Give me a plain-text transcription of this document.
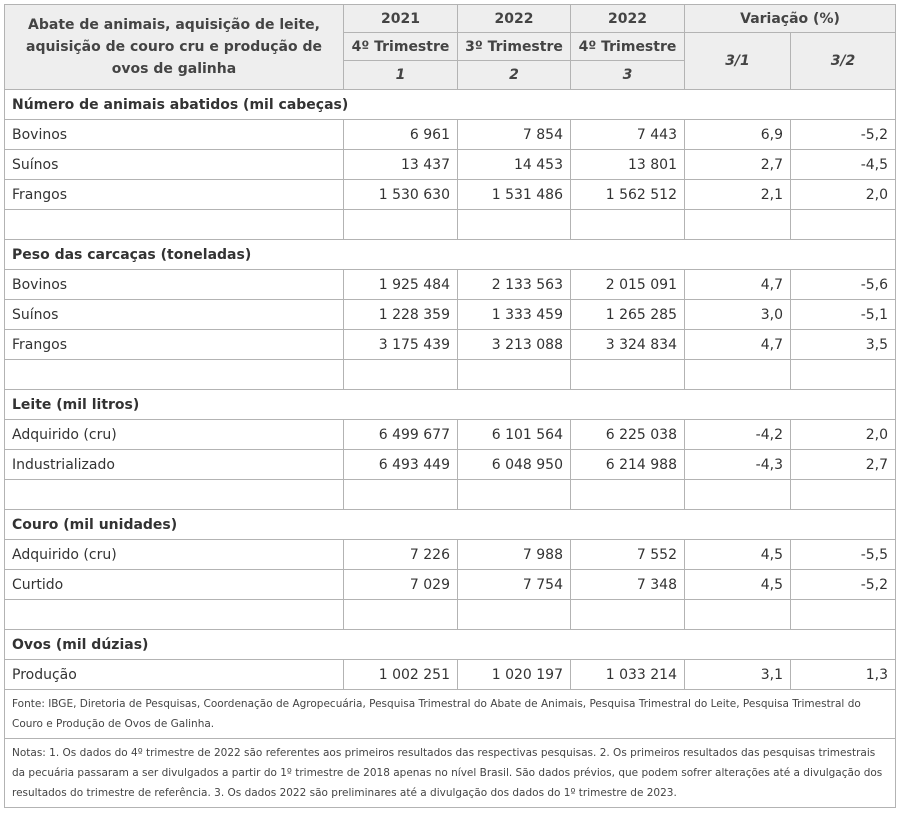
Abate de animais, aquisição de leite, aquisição de couro cru e produção de ovos de galinha	2021	2022	2022	Variação (%)	
	4º Trimestre	3º Trimestre	4º Trimestre	3/1	3/2
	1	2	3		
Número de animais abatidos (mil cabeças)					
Bovinos	6 961	7 854	7 443	6,9	-5,2
Suínos	13 437	14 453	13 801	2,7	-4,5
Frangos	1 530 630	1 531 486	1 562 512	2,1	2,0

Peso das carcaças (toneladas)					
Bovinos	1 925 484	2 133 563	2 015 091	4,7	-5,6
Suínos	1 228 359	1 333 459	1 265 285	3,0	-5,1
Frangos	3 175 439	3 213 088	3 324 834	4,7	3,5

Leite (mil litros)					
Adquirido (cru)	6 499 677	6 101 564	6 225 038	-4,2	2,0
Industrializado	6 493 449	6 048 950	6 214 988	-4,3	2,7

Couro (mil unidades)					
Adquirido (cru)	7 226	7 988	7 552	4,5	-5,5
Curtido	7 029	7 754	7 348	4,5	-5,2

Ovos (mil dúzias)					
Produção	1 002 251	1 020 197	1 033 214	3,1	1,3
Fonte: IBGE, Diretoria de Pesquisas, Coordenação de Agropecuária, Pesquisa Trimestral do Abate de Animais, Pesquisa Trimestral do Leite, Pesquisa Trimestral do Couro e Produção de Ovos de Galinha.					
Notas: 1. Os dados do 4º trimestre de 2022 são referentes aos primeiros resultados das respectivas pesquisas. 2. Os primeiros resultados das pesquisas trimestrais da pecuária passaram a ser divulgados a partir do 1º trimestre de 2018 apenas no nível Brasil. São dados prévios, que podem sofrer alterações até a divulgação dos resultados do trimestre de referência. 3. Os dados 2022 são preliminares até a divulgação dos dados do 1º trimestre de 2023.					
